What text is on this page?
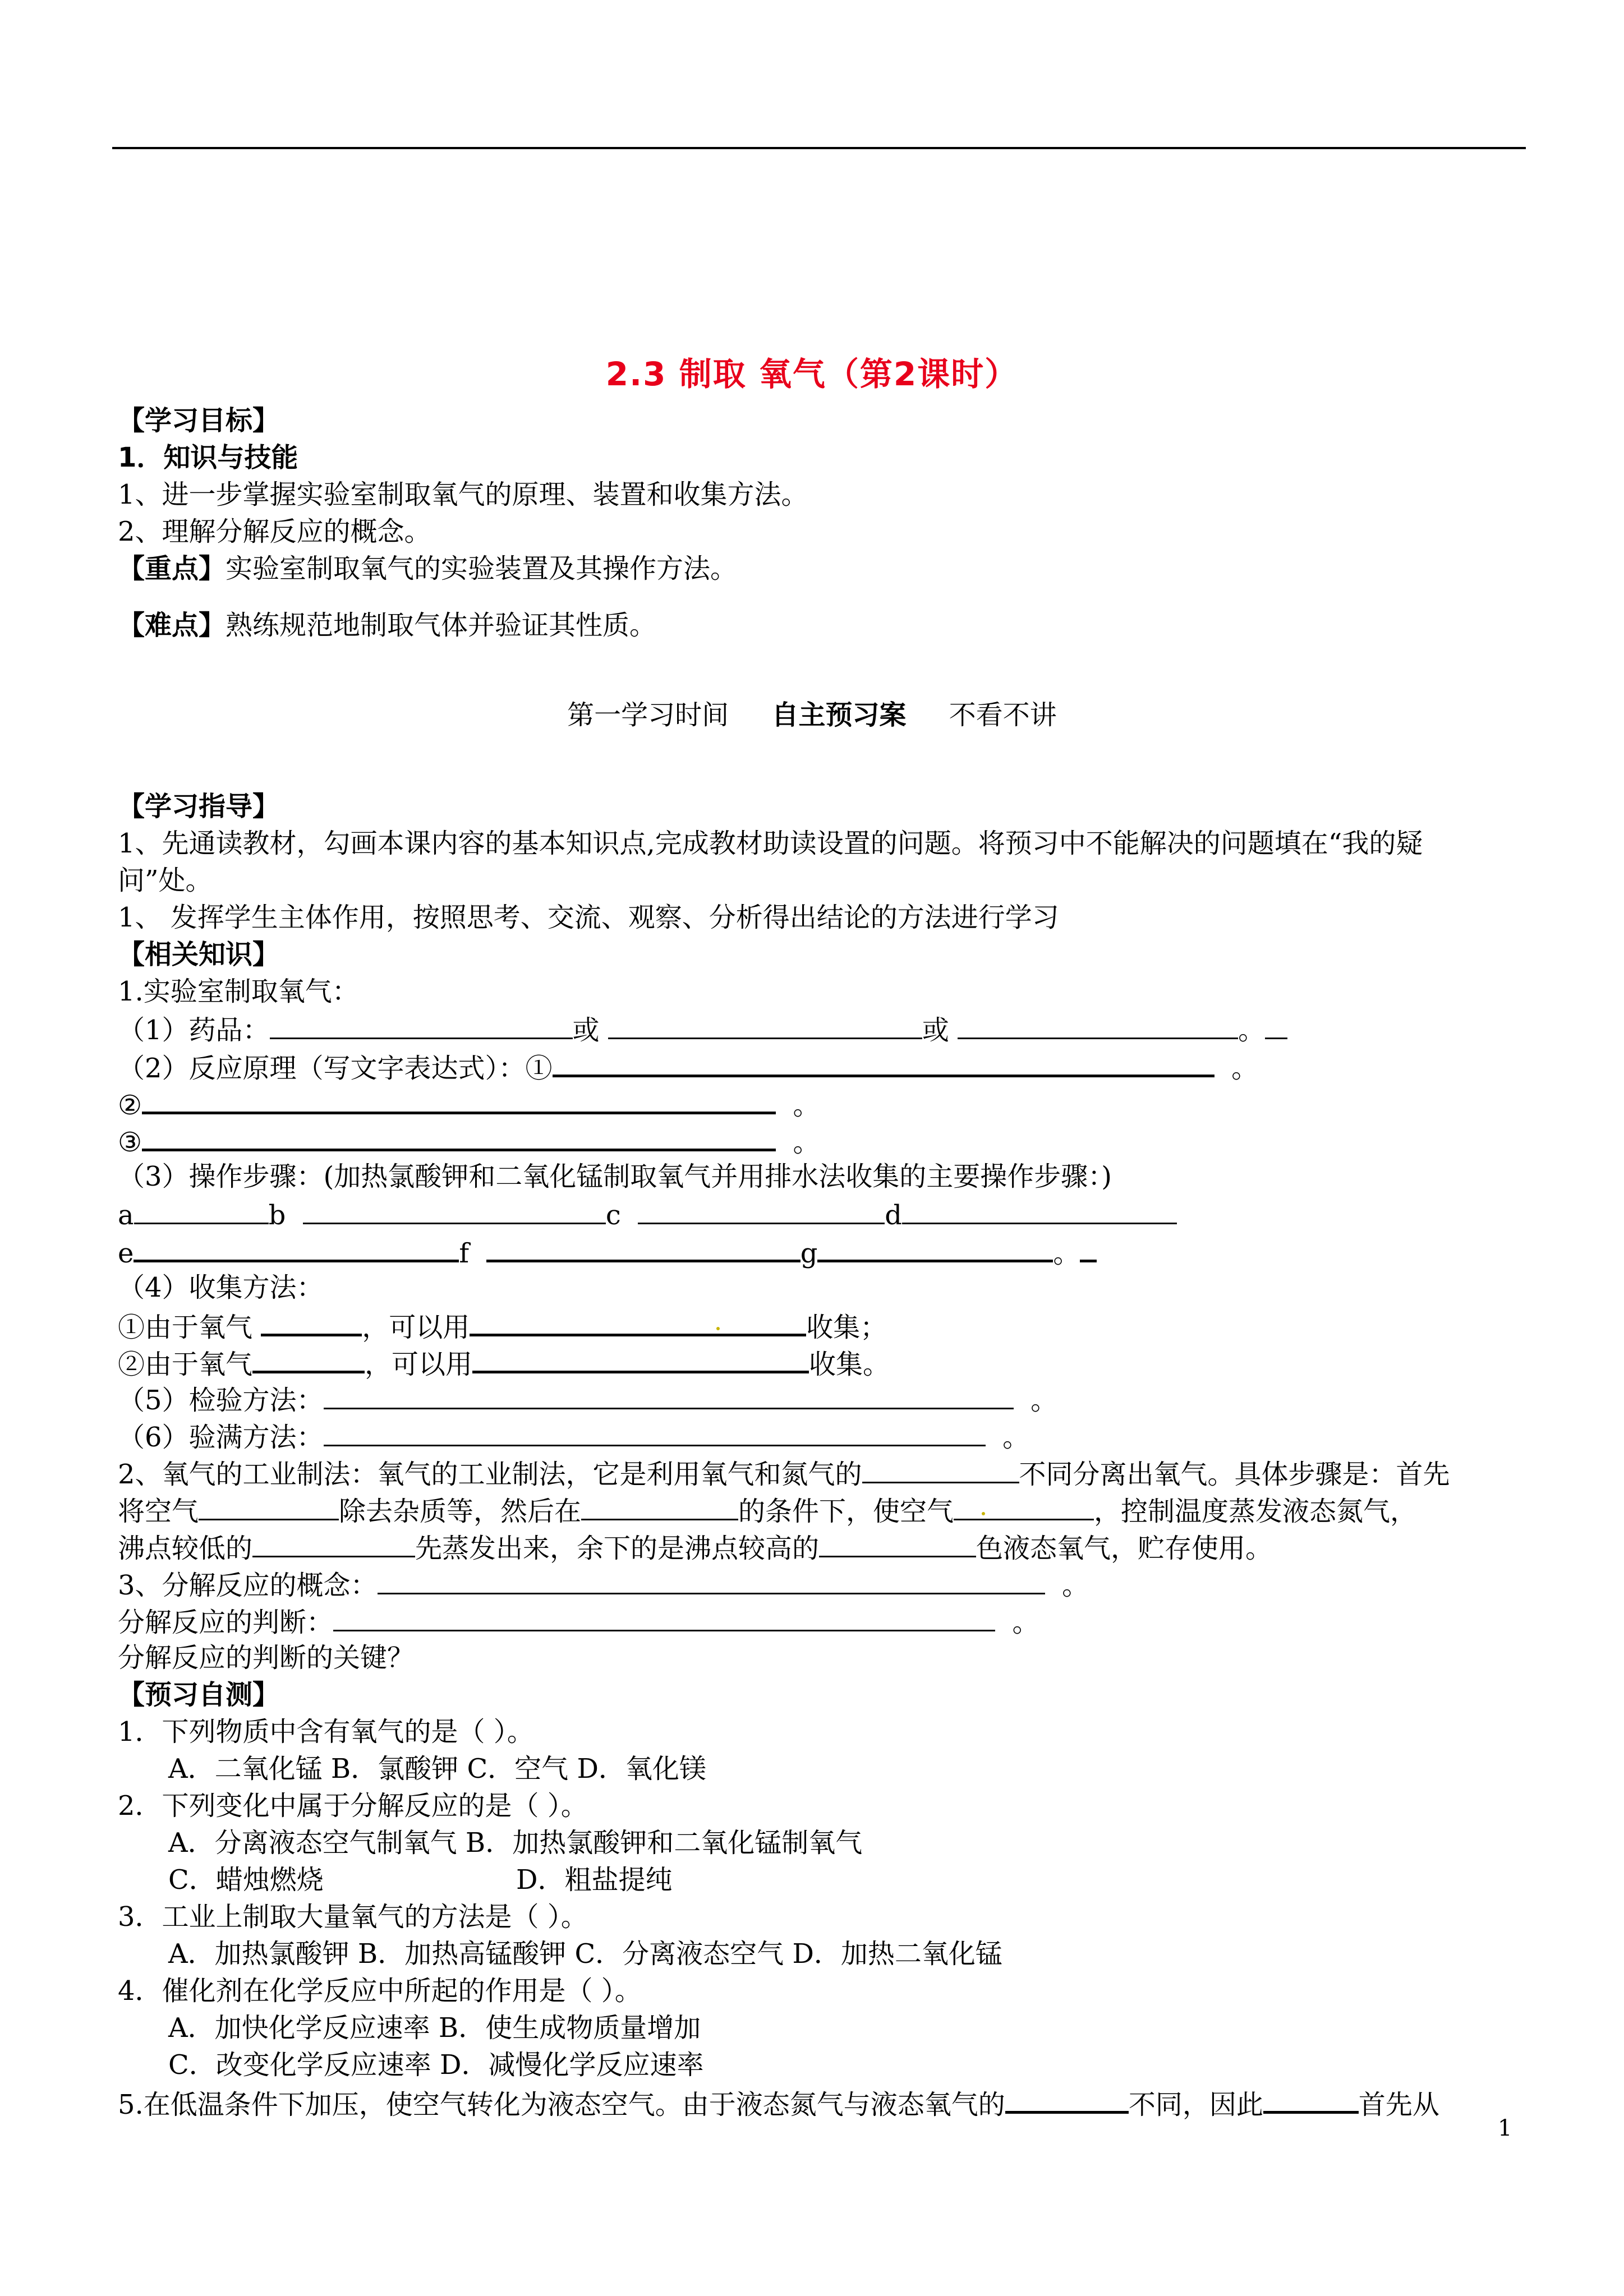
2.3 制取 氧气（第2课时）
【学习目标】
1．知识与技能
1、进一步掌握实验室制取氧气的原理、装置和收集方法。
2、理解分解反应的概念。
【重点】实验室制取氧气的实验装置及其操作方法。
【难点】熟练规范地制取气体并验证其性质。
第一学习时间 自主预习案 不看不讲
【学习指导】
1、先通读教材，勾画本课内容的基本知识点,完成教材助读设置的问题。将预习中不能解决的问题填在“我的疑
问”处。
1、 发挥学生主体作用，按照思考、交流、观察、分析得出结论的方法进行学习
【相关知识】
1.实验室制取氧气：
（1）药品：	或	或	。
（2）反应原理（写文字表达式）：①	。
②	。
③	。
（3）操作步骤：(加热氯酸钾和二氧化锰制取氧气并用排水法收集的主要操作步骤：)
a	b	c	d
e	f	g	。
（4）收集方法：
①由于氧气	，可以用	收集；
②由于氧气	，可以用	收集。
（5）检验方法：	。
（6）验满方法：	。
2、氧气的工业制法：氧气的工业制法，它是利用氧气和氮气的	不同分离出氧气。具体步骤是：首先
将空气	除去杂质等，然后在	的条件下，使空气	，控制温度蒸发液态氮气，
沸点较低的	先蒸发出来，余下的是沸点较高的	色液态氧气，贮存使用。
3、分解反应的概念：	。
分解反应的判断：	。
分解反应的判断的关键？
【预习自测】
1．下列物质中含有氧气的是（ ）。
A．二氧化锰 B．氯酸钾 C．空气 D．氧化镁
2．下列变化中属于分解反应的是（ ）。
A．分离液态空气制氧气 B．加热氯酸钾和二氧化锰制氧气
C．蜡烛燃烧	D．粗盐提纯
3．工业上制取大量氧气的方法是（ ）。
A．加热氯酸钾 B．加热高锰酸钾 C．分离液态空气 D．加热二氧化锰
4．催化剂在化学反应中所起的作用是（ ）。
A．加快化学反应速率 B．使生成物质量增加
C．改变化学反应速率 D．减慢化学反应速率
5.在低温条件下加压，使空气转化为液态空气。由于液态氮气与液态氧气的	不同，因此	首先从
1
